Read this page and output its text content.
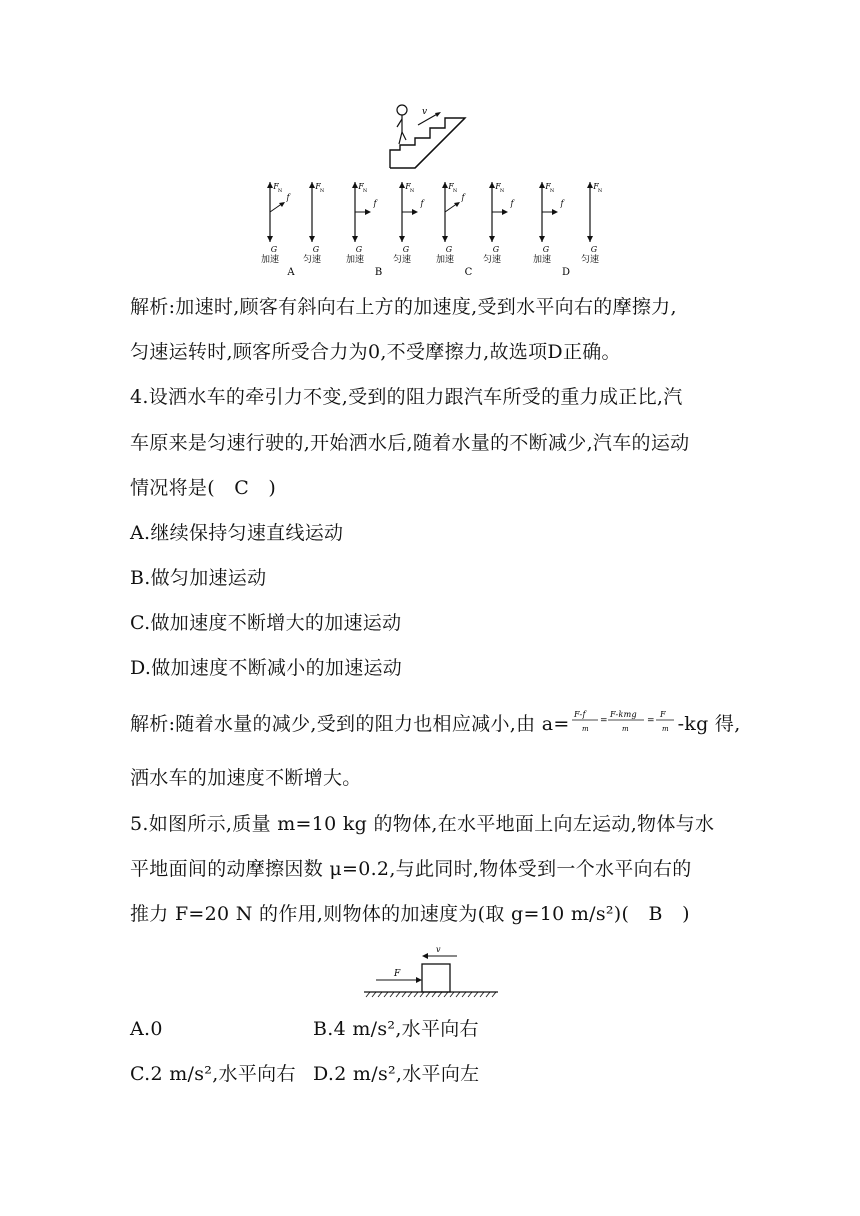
v
F N
G
f
加速
F N
G
匀速
A
F N
G
f
加速
F N
G
f
匀速
B
F N
G
f
加速
F N
G
f
匀速
C
F N
G
f
加速
F N
G
匀速
D
解析:加速时,顾客有斜向右上方的加速度,受到水平向右的摩擦力,
匀速运转时,顾客所受合力为0,不受摩擦力,故选项D正确。
4.设洒水车的牵引力不变,受到的阻力跟汽车所受的重力成正比,汽
车原来是匀速行驶的,开始洒水后,随着水量的不断减少,汽车的运动
情况将是(　C　)
A.继续保持匀速直线运动
B.做匀加速运动
C.做加速度不断增大的加速运动
D.做加速度不断减小的加速运动
解析:随着水量的减少,受到的阻力也相应减小,由 a= F-f
m
=
F-kmg
m
=
F
m -kg 得,
洒水车的加速度不断增大。
5.如图所示,质量 m=10 kg 的物体,在水平地面上向左运动,物体与水
平地面间的动摩擦因数 μ=0.2,与此同时,物体受到一个水平向右的
推力 F=20 N 的作用,则物体的加速度为(取 g=10 m/s²)(　B　)
v
F
A.0	B.4 m/s²,水平向右
C.2 m/s²,水平向右 D.2 m/s²,水平向左
